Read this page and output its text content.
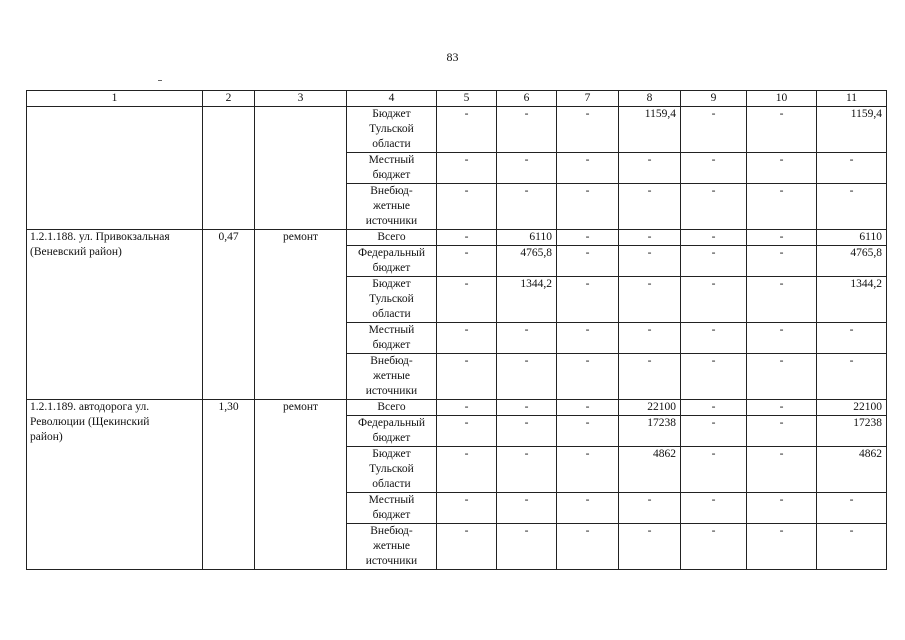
83
1	2	3	4	5	6	7	8	9	10	11

			Бюджет
Тульской
области	-	-	-	1159,4	-	-	1159,4
			Местный
бюджет	-	-	-	-	-	-	-
			Внебюд-
жетные
источники	-	-	-	-	-	-	-

1.2.1.188. ул. Привокзальная
(Веневский район)	0,47	ремонт	Всего	-	6110	-	-	-	-	6110
			Федеральный
бюджет	-	4765,8	-	-	-	-	4765,8
			Бюджет
Тульской
области	-	1344,2	-	-	-	-	1344,2
			Местный
бюджет	-	-	-	-	-	-	-
			Внебюд-
жетные
источники	-	-	-	-	-	-	-

1.2.1.189. автодорога ул.
Революции (Щекинский
район)	1,30	ремонт	Всего	-	-	-	22100	-	-	22100
			Федеральный
бюджет	-	-	-	17238	-	-	17238
			Бюджет
Тульской
области	-	-	-	4862	-	-	4862
			Местный
бюджет	-	-	-	-	-	-	-
			Внебюд-
жетные
источники	-	-	-	-	-	-	-
